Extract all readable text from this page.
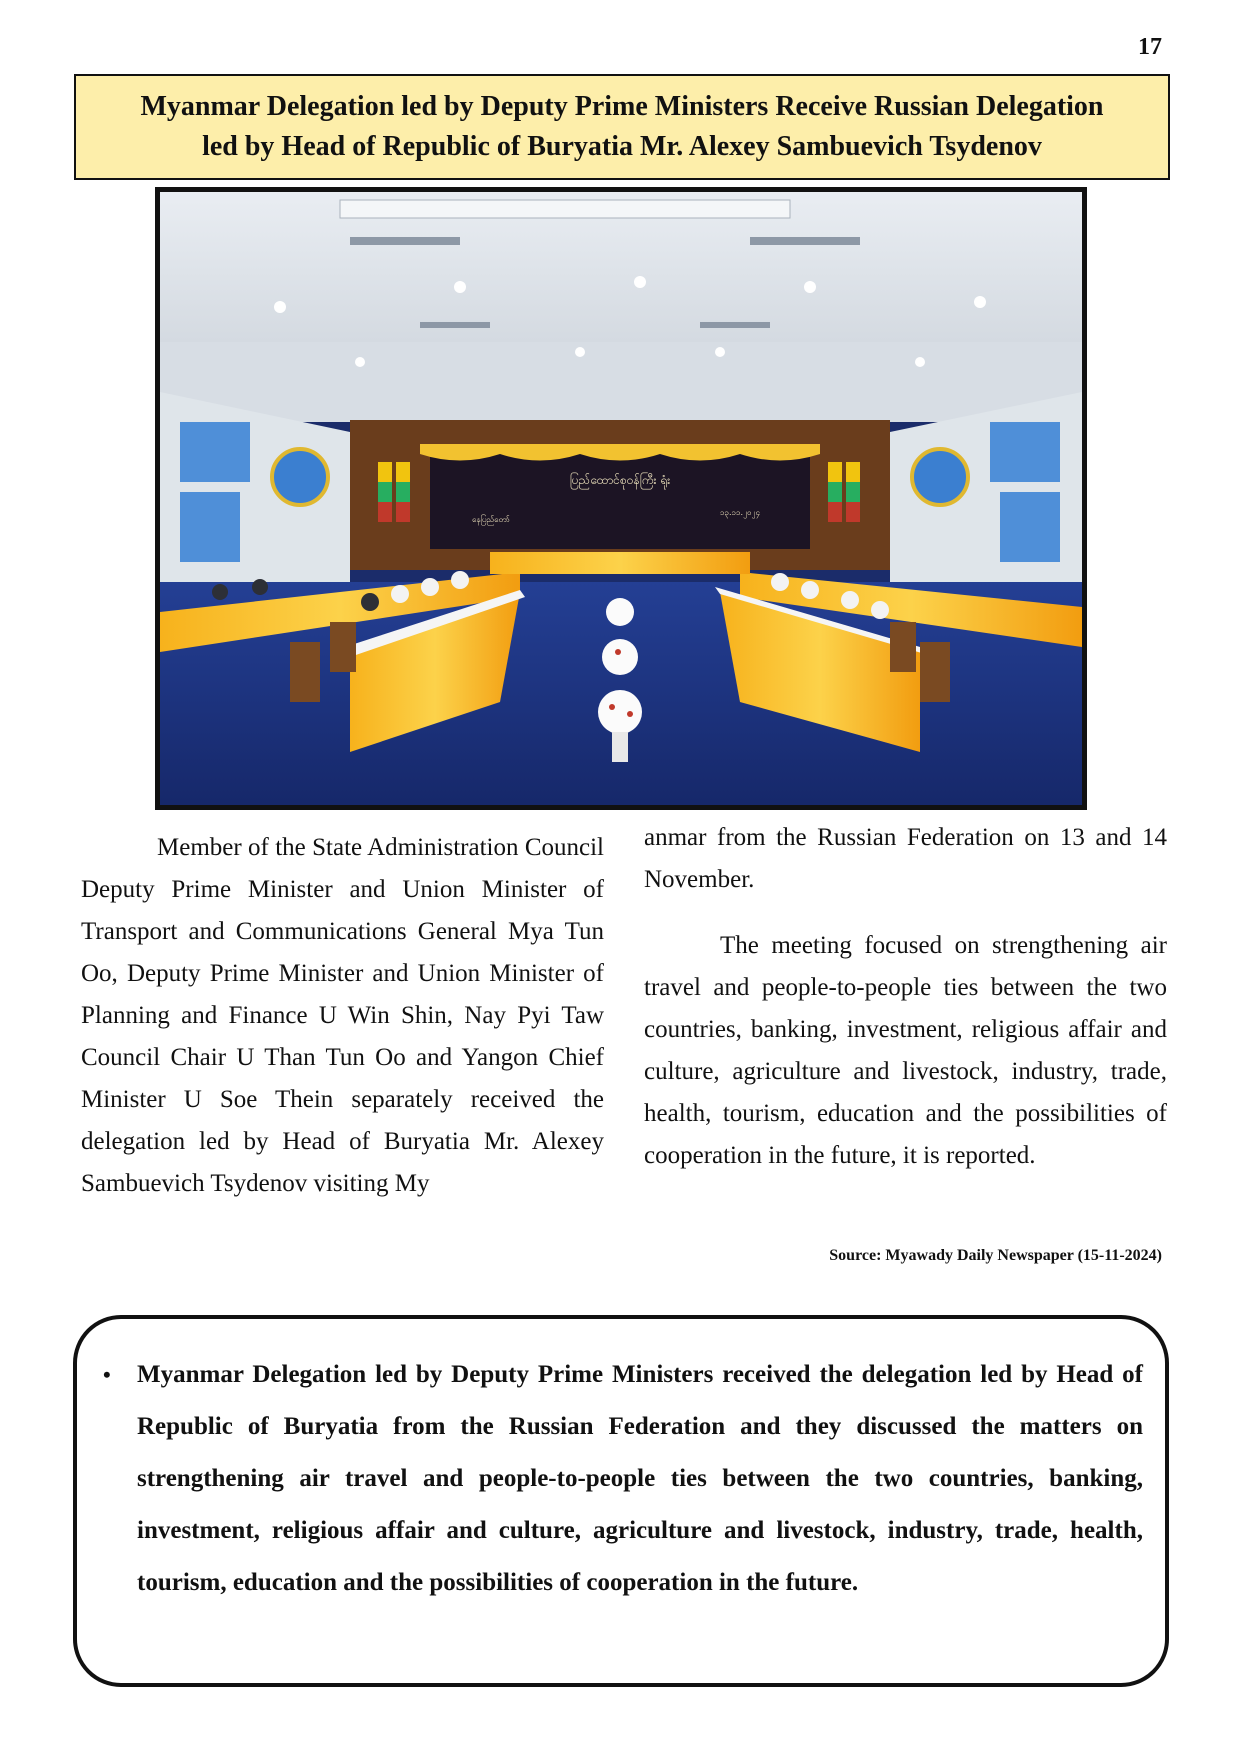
17
Myanmar Delegation led by Deputy Prime Ministers Receive Russian Delegation
led by Head of Republic of Buryatia Mr. Alexey Sambuevich Tsydenov
ပြည်ထောင်စုဝန်ကြီး ရုံး
နေပြည်တော်
၁၃.၁၁.၂၀၂၄

Member of the State Administration Council Deputy Prime Minister and Union Minister of Transport and Communications General Mya Tun Oo, Deputy Prime Minister and Union Minister of Planning and Finance U Win Shin, Nay Pyi Taw Council Chair U Than Tun Oo and Yangon Chief Minister U Soe Thein separately received the delegation led by Head of Buryatia Mr. Alexey Sambuevich Tsydenov visiting My

anmar from the Russian Federation on 13 and 14 November.

The meeting focused on strengthening air travel and people-to-people ties between the two countries, banking, investment, religious affair and culture, agriculture and livestock, industry, trade, health, tourism, education and the possibilities of cooperation in the future, it is reported.

Source: Myawady Daily Newspaper (15-11-2024)
• Myanmar Delegation led by Deputy Prime Ministers received the delegation led by Head of Republic of Buryatia from the Russian Federation and they discussed the matters on strengthening air travel and people-to-people ties between the two countries, banking, investment, religious affair and culture, agriculture and livestock, industry, trade, health, tourism, education and the possibilities of cooperation in the future.
